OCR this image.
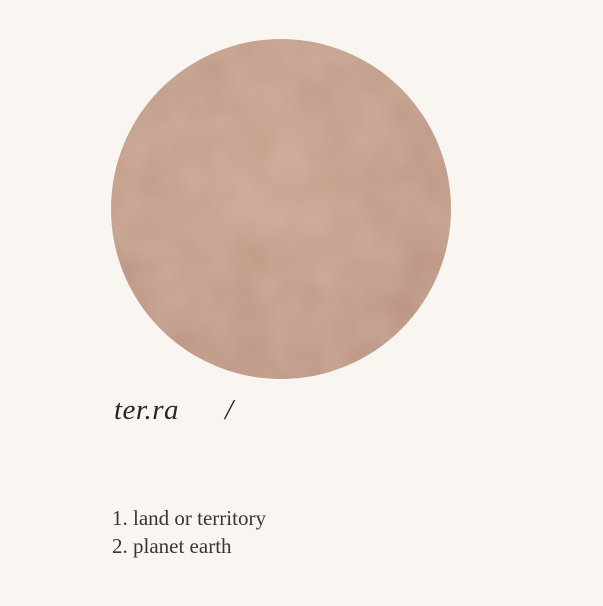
ter.ra /
1. land or territory
2. planet earth
